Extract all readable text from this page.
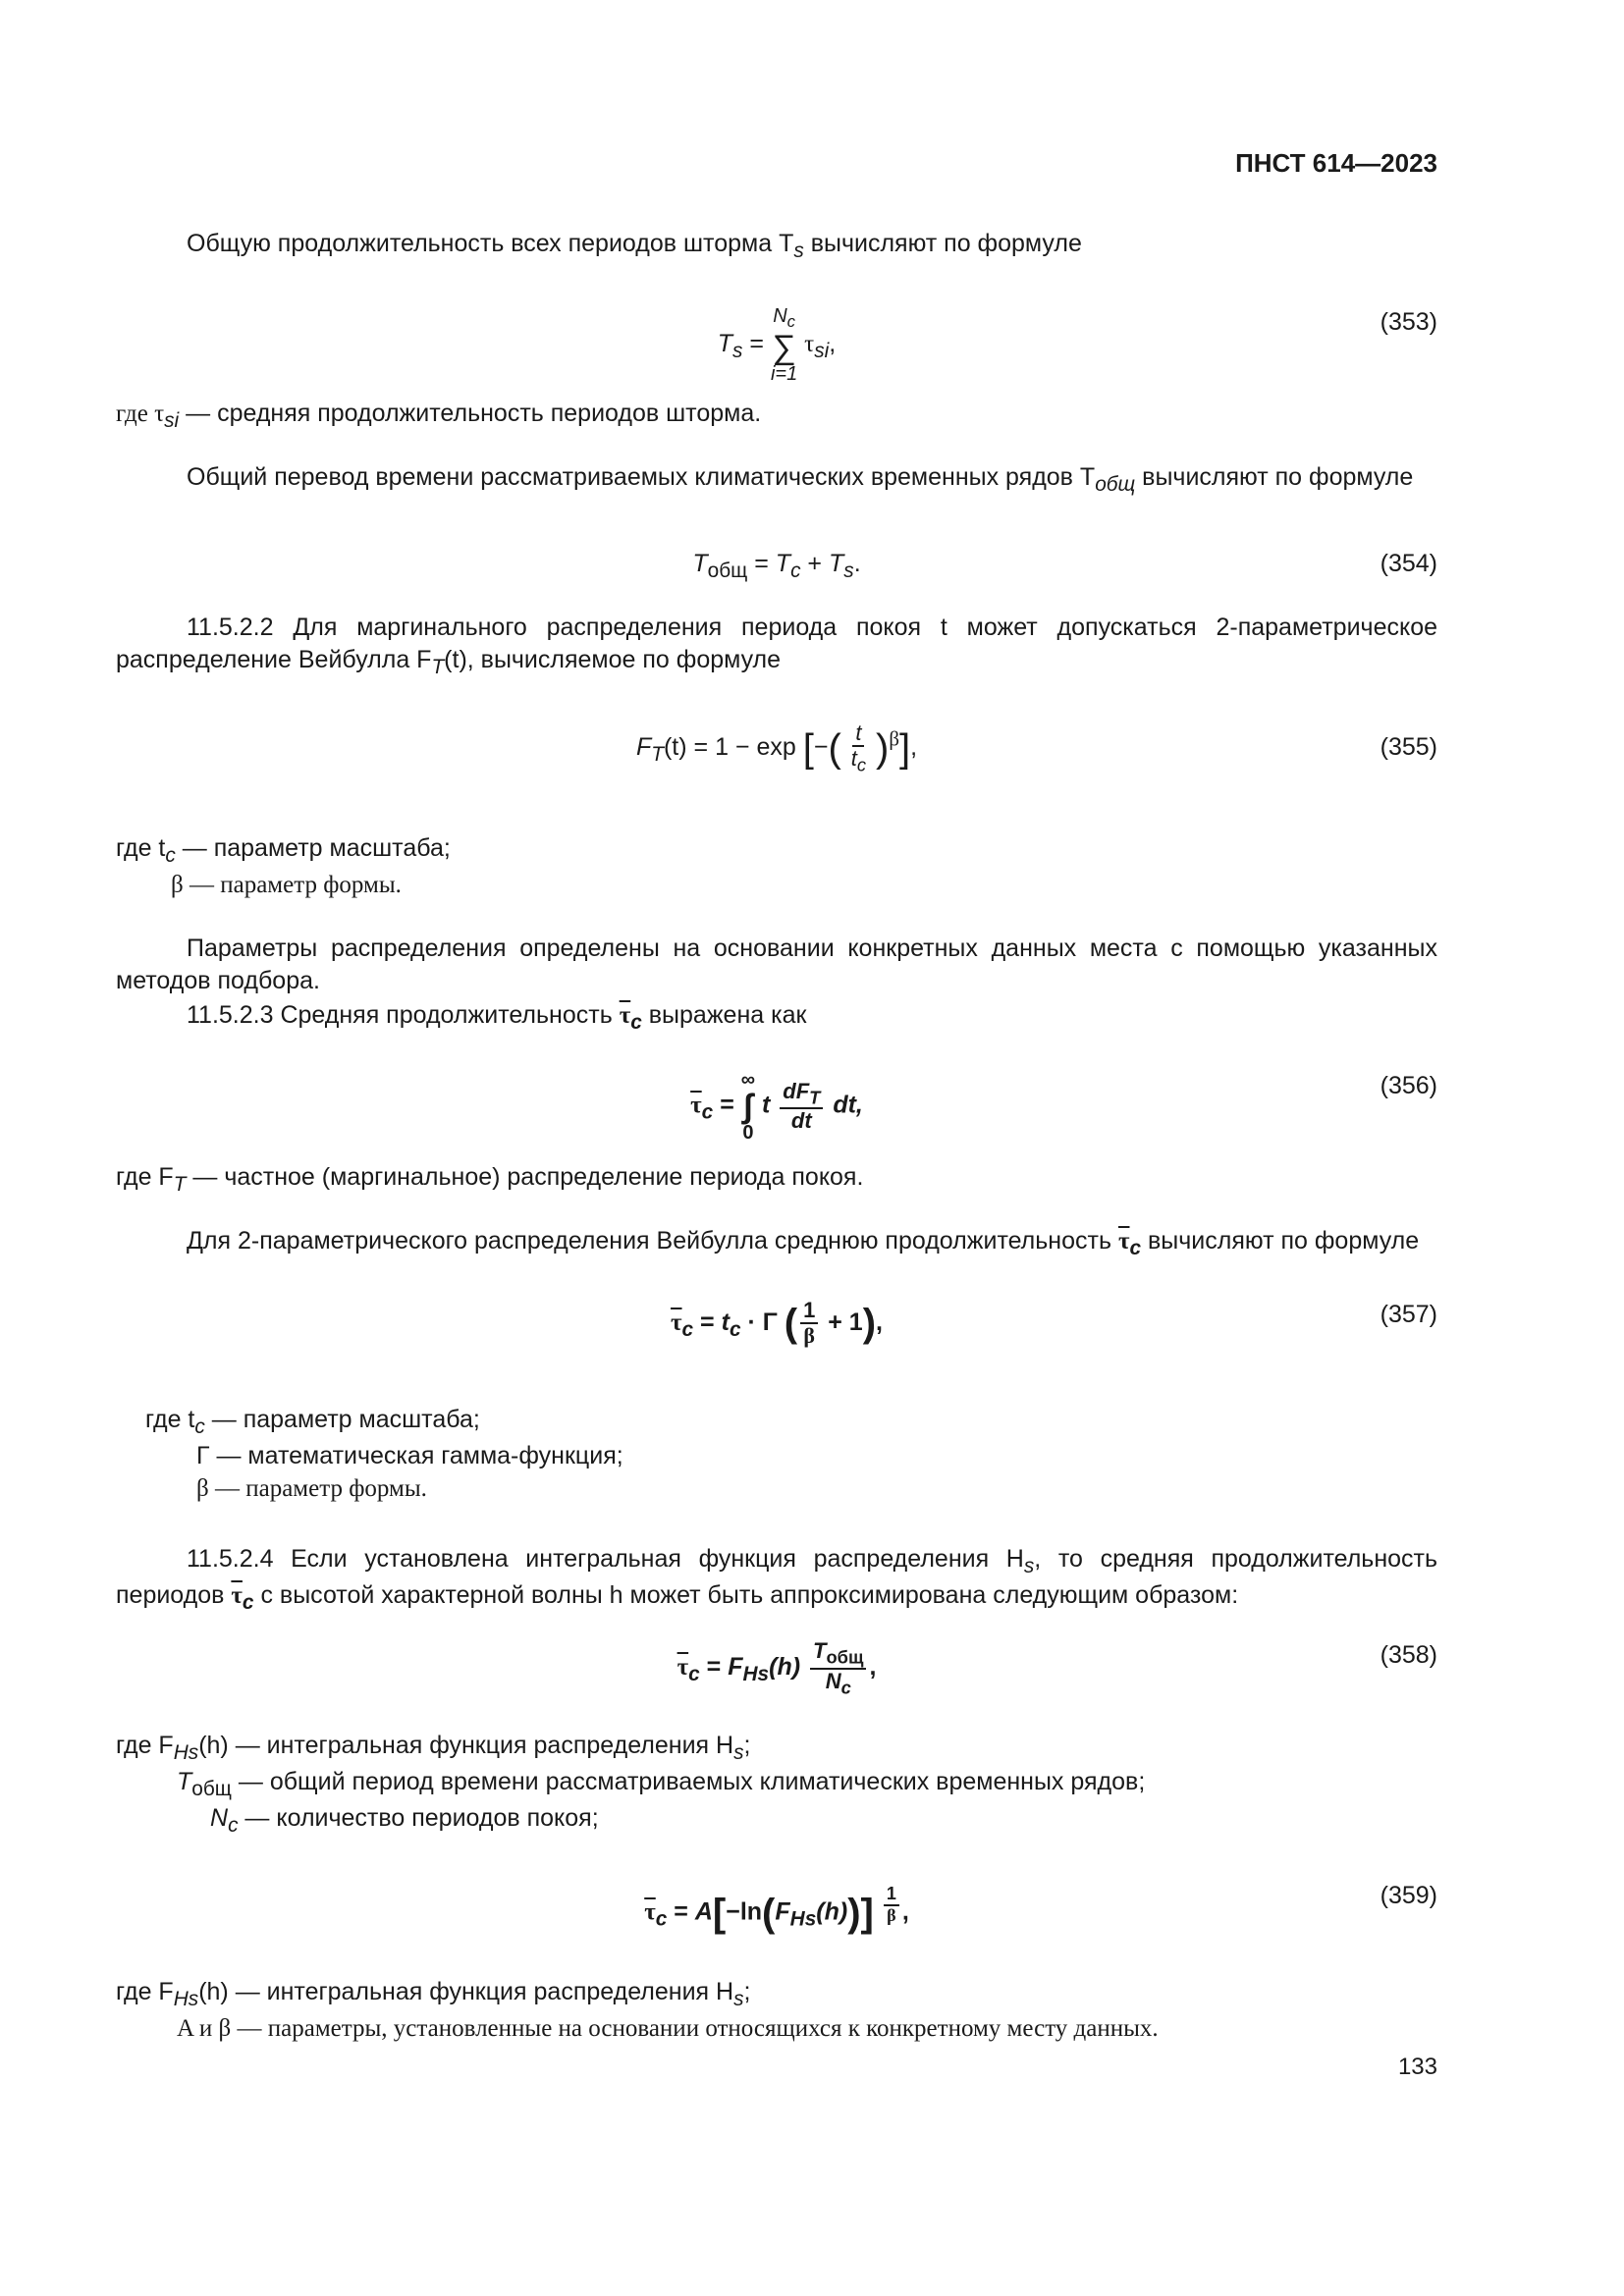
ПНСТ 614—2023
Общую продолжительность всех периодов шторма $T_s$ вычисляют по формуле
$T_s$ =
$N_c$
∑
i=1
$\tau_{si}$,
(353)
где $\tau_{si}$ — средняя продолжительность периодов шторма.
Общий перевод времени рассматриваемых климатических временных рядов $T_{общ}$ вычисляют по формуле
$T_{общ} = T_c + T_s$.	(354)
11.5.2.2 Для маргинального распределения периода покоя t может допускаться 2-параметрическое распределение Вейбулла $F_T(t)$, вычисляемое по формуле
$F_T(t) = 1 - \exp$ [−( $\frac{t}{t_c} )^\beta$],	(355)
где $t_c$ — параметр масштаба;
β — параметр формы.
Параметры распределения определены на основании конкретных данных места с помощью указанных методов подбора.
11.5.2.3 Средняя продолжительность $\overline{\tau}_c$ выражена как
$\overline{\tau}_c$ =
∞
∫
0
t $\frac{dF_T}{dt}$ dt,
(356)
где $F_T$ — частное (маргинальное) распределение периода покоя.
Для 2-параметрического распределения Вейбулла среднюю продолжительность $\overline{\tau}_c$ вычисляют по формуле
$\overline{\tau}_c = t_c \cdot \Gamma$ ( $\frac{1}{\beta} + 1$),	(357)
где $t_c$ — параметр масштаба;
Г — математическая гамма-функция;
β — параметр формы.
11.5.2.4 Если установлена интегральная функция распределения $H_s$, то средняя продолжительность периодов $\overline{\tau}_c$ с высотой характерной волны h может быть аппроксимирована следующим образом:
$\overline{\tau}_c = F_{Hs}(h) \frac{T_{общ}}{N_c}$ ,	(358)
где $F_{Hs}(h)$ — интегральная функция распределения $H_s$;
$T_{общ}$ — общий период времени рассматриваемых климатических временных рядов;
$N_c$ — количество периодов покоя;
$\overline{\tau}_c = A[-\ln(F_{Hs}(h))]$ $^{\frac{1}{\beta}}$ ,
(359)
где $F_{Hs}(h)$ — интегральная функция распределения $H_s$;
A и β — параметры, установленные на основании относящихся к конкретному месту данных.
133
